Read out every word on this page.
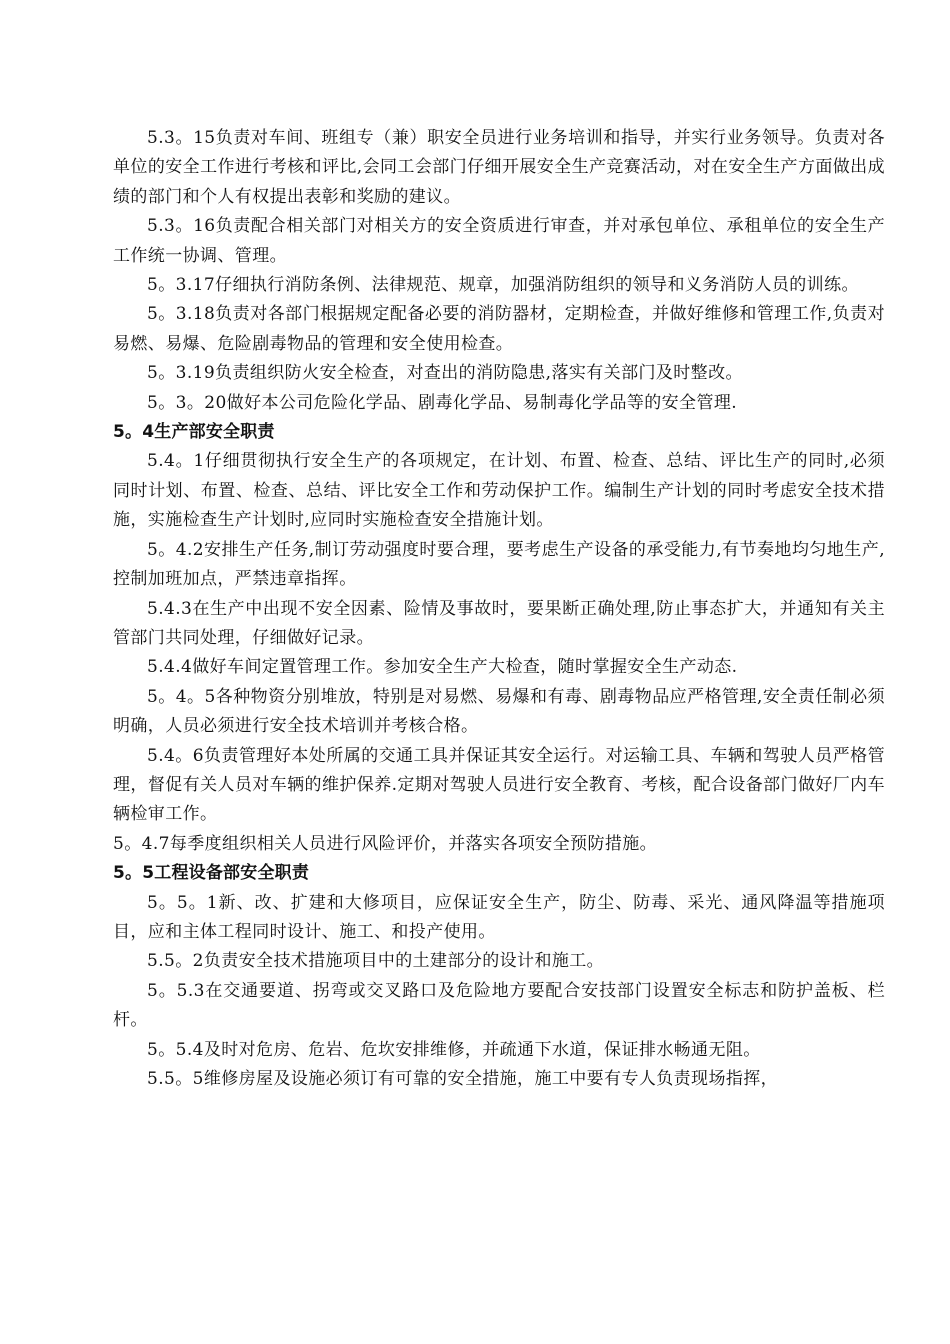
5.3。15负责对车间、班组专（兼）职安全员进行业务培训和指导，并实行业务领导。负责对各单位的安全工作进行考核和评比,会同工会部门仔细开展安全生产竞赛活动，对在安全生产方面做出成绩的部门和个人有权提出表彰和奖励的建议。

5.3。16负责配合相关部门对相关方的安全资质进行审查，并对承包单位、承租单位的安全生产工作统一协调、管理。

5。3.17仔细执行消防条例、法律规范、规章，加强消防组织的领导和义务消防人员的训练。

5。3.18负责对各部门根据规定配备必要的消防器材，定期检查，并做好维修和管理工作,负责对易燃、易爆、危险剧毒物品的管理和安全使用检查。

5。3.19负责组织防火安全检查，对查出的消防隐患,落实有关部门及时整改。

5。3。20做好本公司危险化学品、剧毒化学品、易制毒化学品等的安全管理.

5。4生产部安全职责

5.4。1仔细贯彻执行安全生产的各项规定，在计划、布置、检查、总结、评比生产的同时,必须同时计划、布置、检查、总结、评比安全工作和劳动保护工作。编制生产计划的同时考虑安全技术措施，实施检查生产计划时,应同时实施检查安全措施计划。

5。4.2安排生产任务,制订劳动强度时要合理，要考虑生产设备的承受能力,有节奏地均匀地生产,控制加班加点，严禁违章指挥。

5.4.3在生产中出现不安全因素、险情及事故时，要果断正确处理,防止事态扩大，并通知有关主管部门共同处理，仔细做好记录。

5.4.4做好车间定置管理工作。参加安全生产大检查，随时掌握安全生产动态.

5。4。5各种物资分别堆放，特别是对易燃、易爆和有毒、剧毒物品应严格管理,安全责任制必须明确，人员必须进行安全技术培训并考核合格。

5.4。6负责管理好本处所属的交通工具并保证其安全运行。对运输工具、车辆和驾驶人员严格管理，督促有关人员对车辆的维护保养.定期对驾驶人员进行安全教育、考核，配合设备部门做好厂内车辆检审工作。

5。4.7每季度组织相关人员进行风险评价，并落实各项安全预防措施。

5。5工程设备部安全职责

5。5。1新、改、扩建和大修项目，应保证安全生产，防尘、防毒、采光、通风降温等措施项目，应和主体工程同时设计、施工、和投产使用。

5.5。2负责安全技术措施项目中的土建部分的设计和施工。

5。5.3在交通要道、拐弯或交叉路口及危险地方要配合安技部门设置安全标志和防护盖板、栏杆。

5。5.4及时对危房、危岩、危坎安排维修，并疏通下水道，保证排水畅通无阻。

5.5。5维修房屋及设施必须订有可靠的安全措施，施工中要有专人负责现场指挥，
